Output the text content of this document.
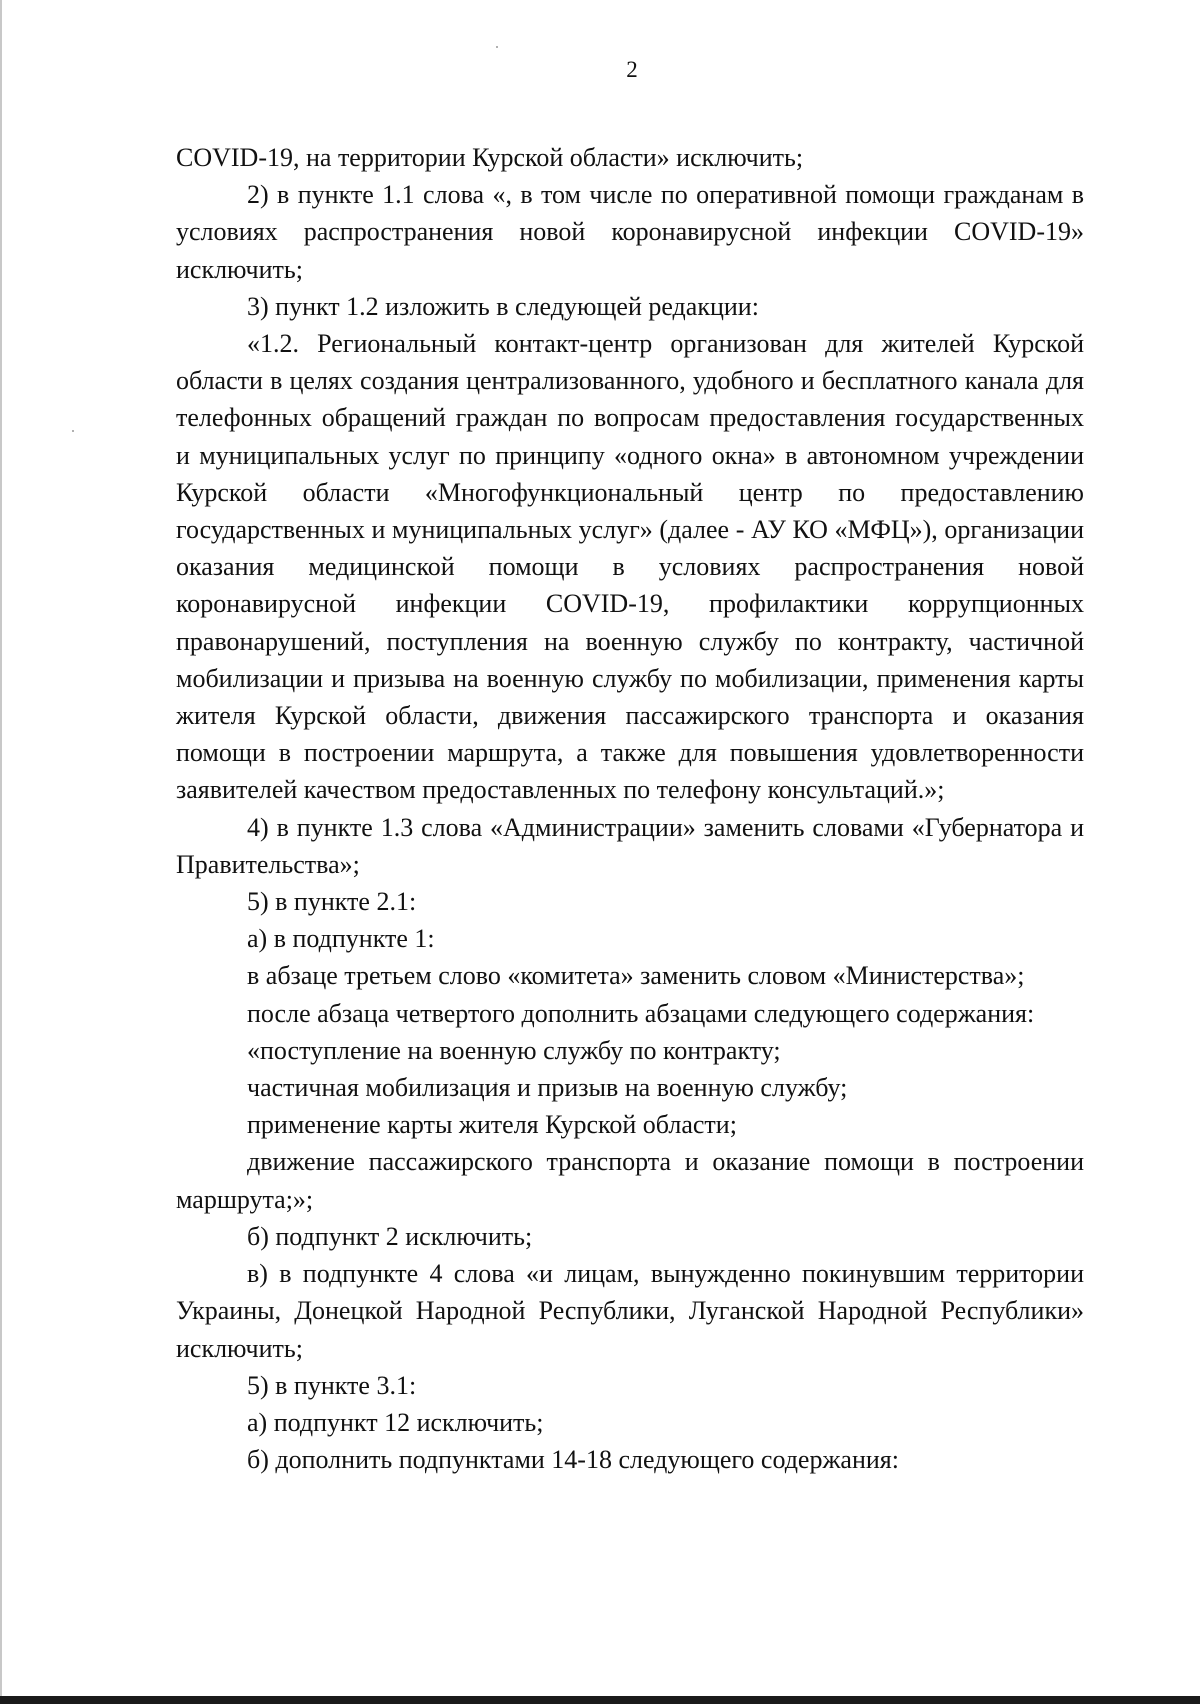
2

COVID-19, на территории Курской области» исключить;

2) в пункте 1.1 слова «, в том числе по оперативной помощи гражданам в условиях распространения новой коронавирусной инфекции COVID-19» исключить;

3) пункт 1.2 изложить в следующей редакции:

«1.2. Региональный контакт-центр организован для жителей Курской области в целях создания централизованного, удобного и бесплатного канала для телефонных обращений граждан по вопросам предоставления государственных и муниципальных услуг по принципу «одного окна» в автономном учреждении Курской области «Многофункциональный центр по предоставлению государственных и муниципальных услуг» (далее - АУ КО «МФЦ»), организации оказания медицинской помощи в условиях распространения новой коронавирусной инфекции COVID-19, профилактики коррупционных правонарушений, поступления на военную службу по контракту, частичной мобилизации и призыва на военную службу по мобилизации, применения карты жителя Курской области, движения пассажирского транспорта и оказания помощи в построении маршрута, а также для повышения удовлетворенности заявителей качеством предоставленных по телефону консультаций.»;

4) в пункте 1.3 слова «Администрации» заменить словами «Губернатора и Правительства»;

5) в пункте 2.1:

а) в подпункте 1:

в абзаце третьем слово «комитета» заменить словом «Министерства»;

после абзаца четвертого дополнить абзацами следующего содержания:

«поступление на военную службу по контракту;

частичная мобилизация и призыв на военную службу;

применение карты жителя Курской области;

движение пассажирского транспорта и оказание помощи в построении маршрута;»;

б) подпункт 2 исключить;

в) в подпункте 4 слова «и лицам, вынужденно покинувшим территории Украины, Донецкой Народной Республики, Луганской Народной Республики» исключить;

5) в пункте 3.1:

а) подпункт 12 исключить;

б) дополнить подпунктами 14-18 следующего содержания:
